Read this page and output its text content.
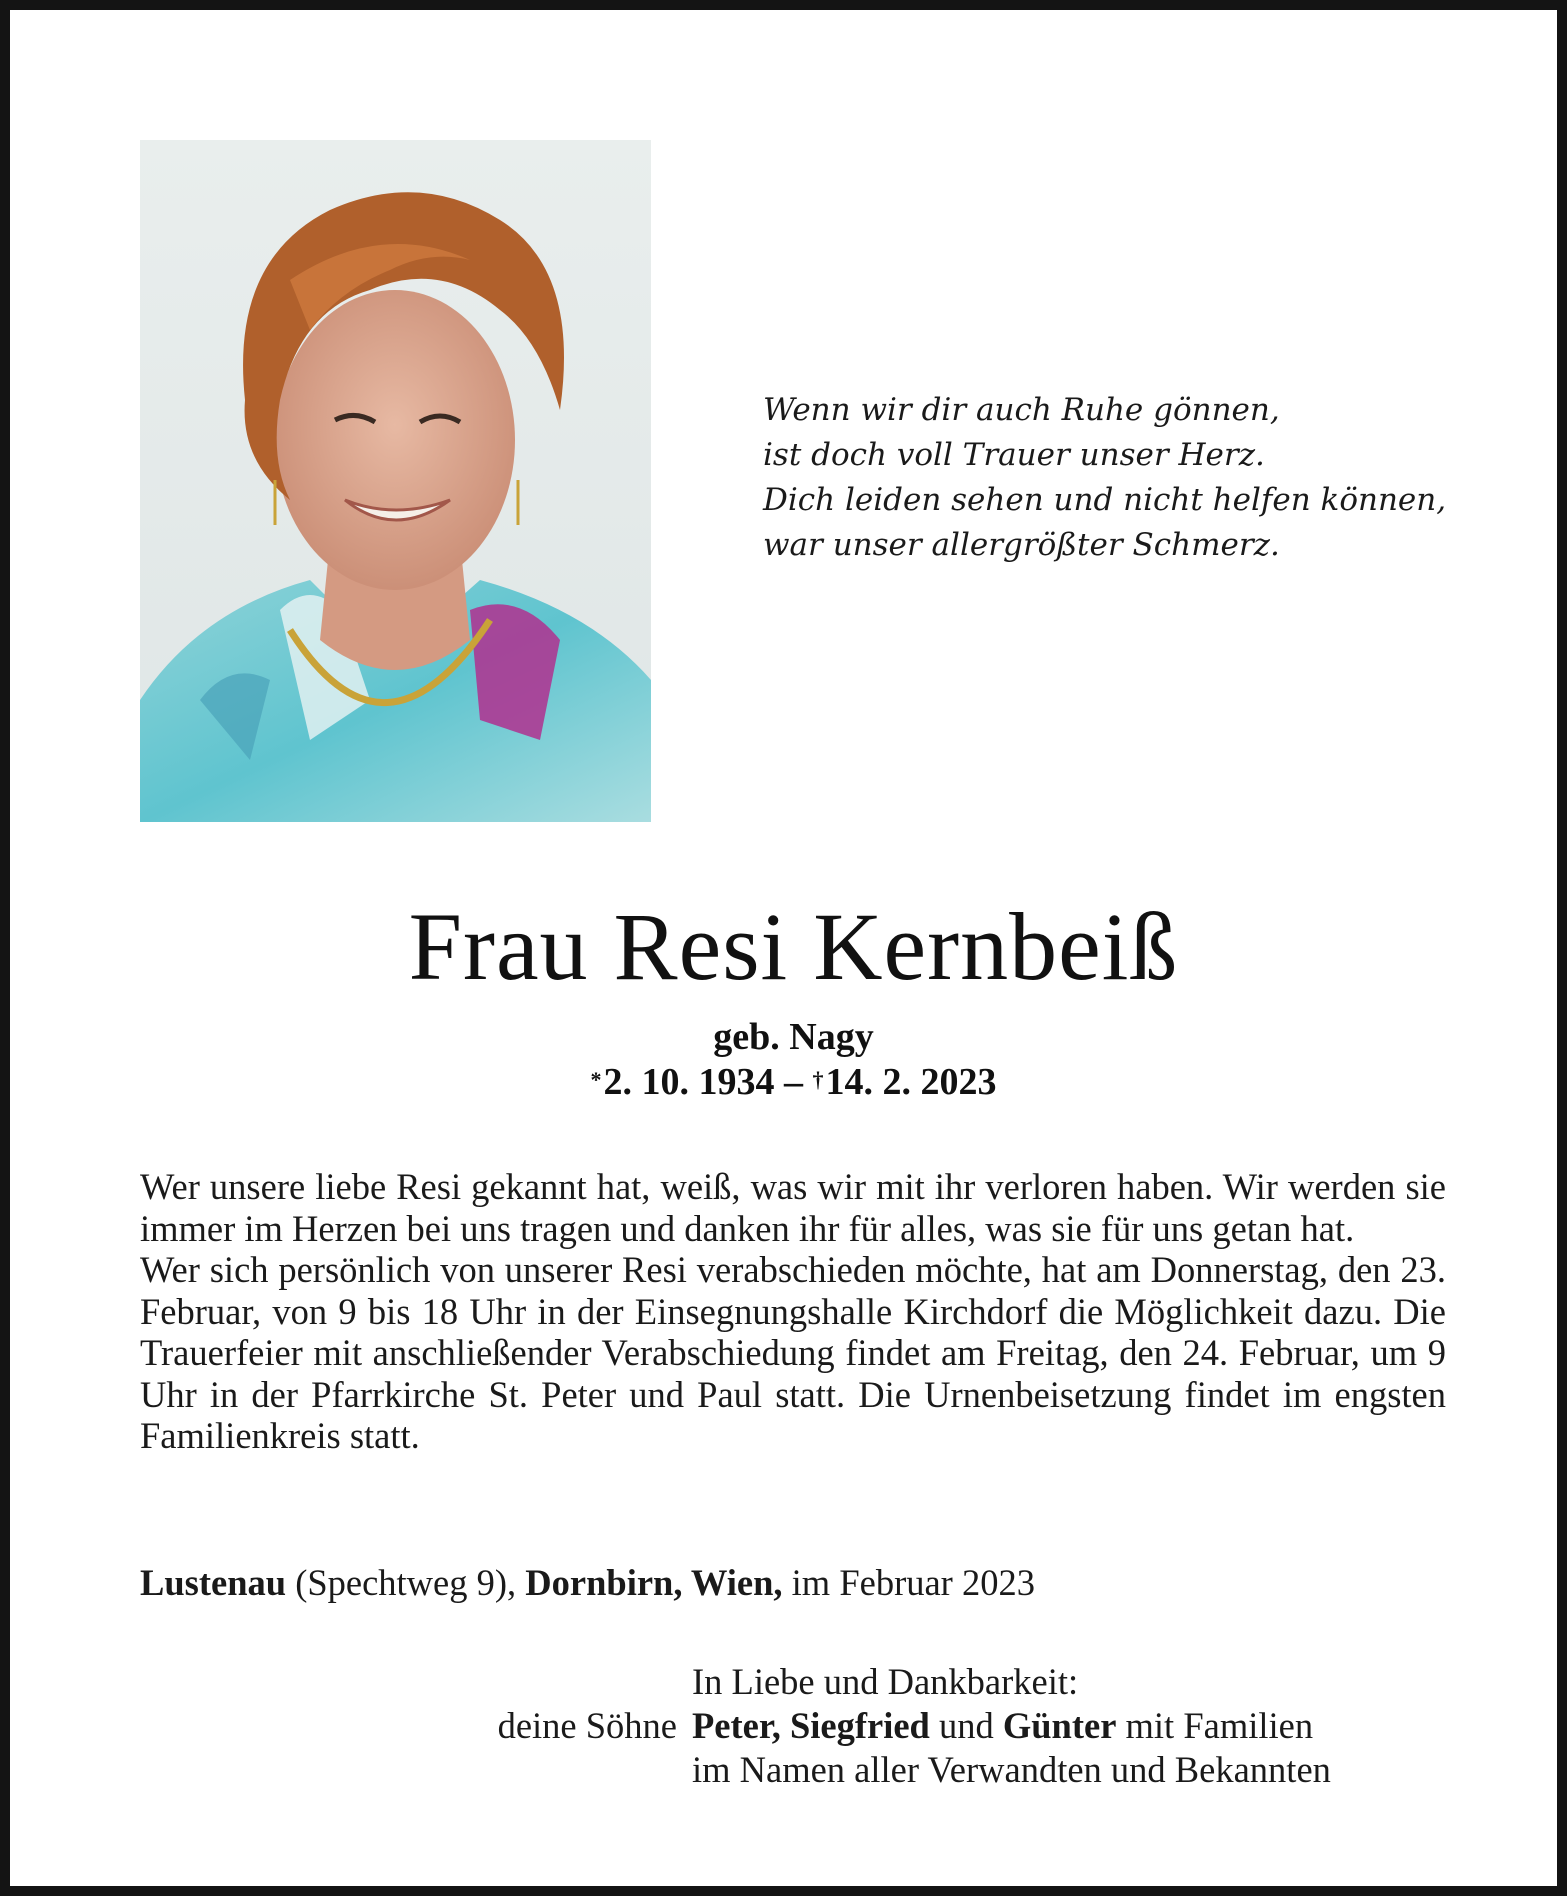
Wenn wir dir auch Ruhe gönnen,
ist doch voll Trauer unser Herz.
Dich leiden sehen und nicht helfen können,
war unser allergrößter Schmerz.
Frau Resi Kernbeiß
geb. Nagy
*2. 10. 1934 – †14. 2. 2023

Wer unsere liebe Resi gekannt hat, weiß, was wir mit ihr verloren haben. Wir werden sie immer im Herzen bei uns tragen und danken ihr für alles, was sie für uns getan hat.

Wer sich persönlich von unserer Resi verabschieden möchte, hat am Donnerstag, den 23. Februar, von 9 bis 18 Uhr in der Einsegnungshalle Kirchdorf die Möglichkeit dazu. Die Trauerfeier mit anschließender Verabschiedung findet am Freitag, den 24. Februar, um 9 Uhr in der Pfarrkirche St. Peter und Paul statt. Die Urnenbeisetzung findet im engsten Familienkreis statt.

Lustenau (Spechtweg 9), Dornbirn, Wien, im Februar 2023
In Liebe und Dankbarkeit:
deine Söhne Peter, Siegfried und Günter mit Familien
im Namen aller Verwandten und Bekannten
